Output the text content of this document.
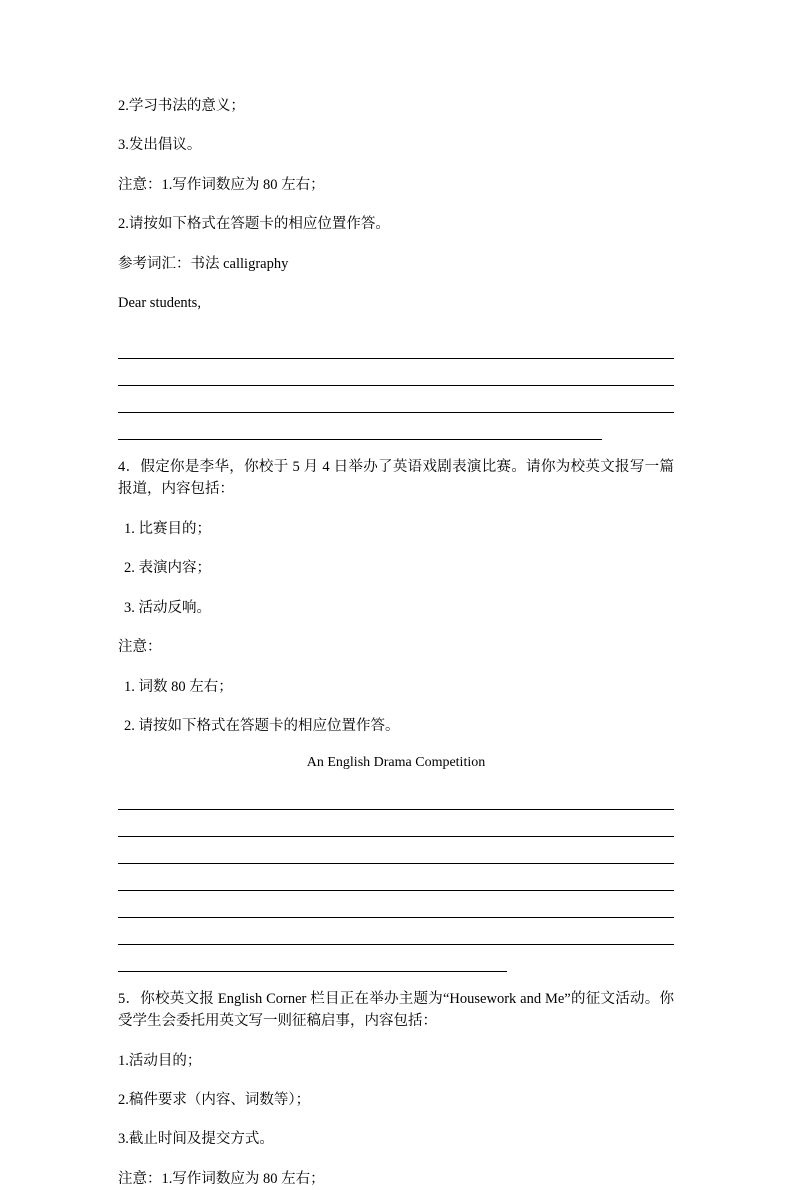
2.学习书法的意义；

3.发出倡议。

注意：1.写作词数应为 80 左右；

2.请按如下格式在答题卡的相应位置作答。

参考词汇：书法 calligraphy

Dear students,

4．假定你是李华，你校于 5 月 4 日举办了英语戏剧表演比赛。请你为校英文报写一篇报道，内容包括：

1. 比赛目的；

2. 表演内容；

3. 活动反响。

注意：

1. 词数 80 左右；

2. 请按如下格式在答题卡的相应位置作答。

An English Drama Competition

5．你校英文报 English Corner 栏目正在举办主题为“Housework and Me”的征文活动。你受学生会委托用英文写一则征稿启事，内容包括：

1.活动目的；

2.稿件要求（内容、词数等）；

3.截止时间及提交方式。

注意：1.写作词数应为 80 左右；
